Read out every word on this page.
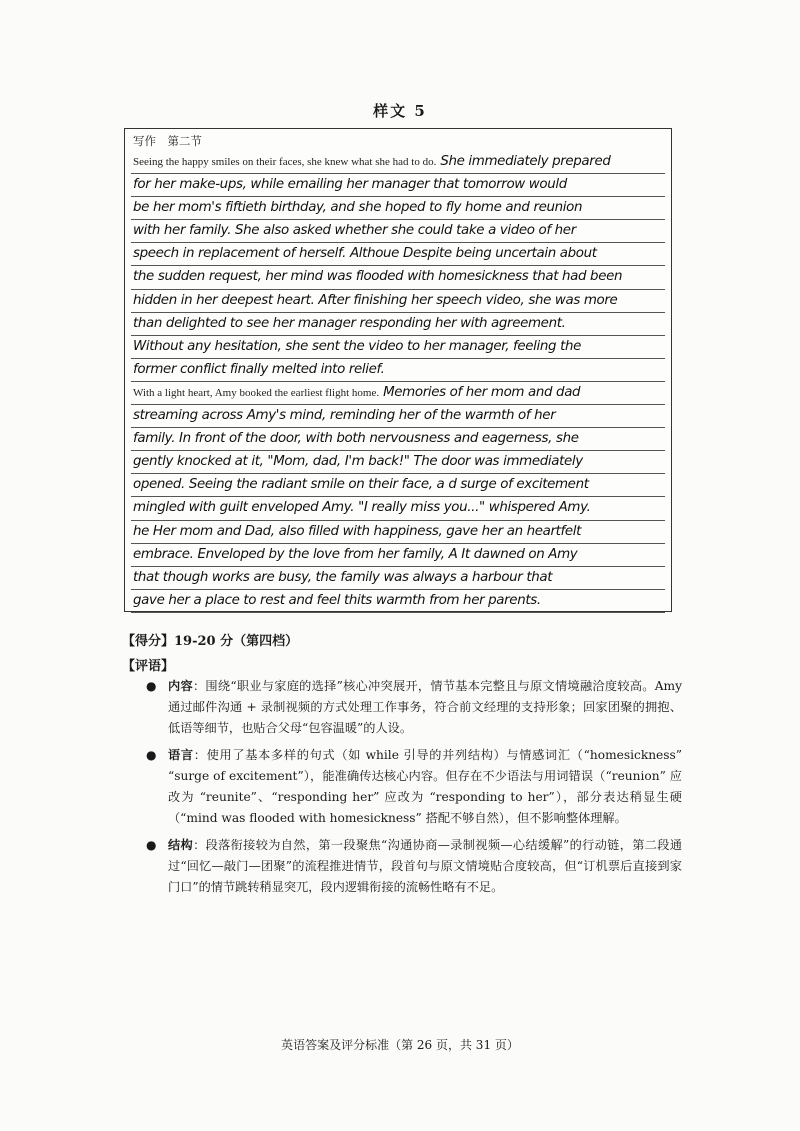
样文 5
写作　第二节
Seeing the happy smiles on their faces, she knew what she had to do. She immediately prepared
for her make-ups, while emailing her manager that tomorrow would
be her mom's fiftieth birthday, and she hoped to fly home and reunion
with her family. She also asked whether she could take a video of her
speech in replacement of herself. Althoue Despite being uncertain about
the sudden request, her mind was flooded with homesickness that had been
hidden in her deepest heart. After finishing her speech video, she was more
than delighted to see her manager responding her with agreement.
Without any hesitation, she sent the video to her manager, feeling the
former conflict finally melted into relief.
With a light heart, Amy booked the earliest flight home. Memories of her mom and dad
streaming across Amy's mind, reminding her of the warmth of her
family. In front of the door, with both nervousness and eagerness, she
gently knocked at it, "Mom, dad, I'm back!" The door was immediately
opened. Seeing the radiant smile on their face, a d surge of excitement
mingled with guilt enveloped Amy. "I really miss you..." whispered Amy.
he Her mom and Dad, also filled with happiness, gave her an heartfelt
embrace. Enveloped by the love from her family, A It dawned on Amy
that though works are busy, the family was always a harbour that
gave her a place to rest and feel thits warmth from her parents.
【得分】19-20 分（第四档）
【评语】
● 内容：围绕“职业与家庭的选择”核心冲突展开，情节基本完整且与原文情境融洽度较高。Amy 通过邮件沟通 + 录制视频的方式处理工作事务，符合前文经理的支持形象；回家团聚的拥抱、低语等细节，也贴合父母“包容温暖”的人设。
● 语言：使用了基本多样的句式（如 while 引导的并列结构）与情感词汇（“homesickness” “surge of excitement”），能准确传达核心内容。但存在不少语法与用词错误（“reunion” 应改为 “reunite”、“responding her” 应改为 “responding to her”），部分表达稍显生硬（“mind was flooded with homesickness” 搭配不够自然），但不影响整体理解。
● 结构：段落衔接较为自然，第一段聚焦“沟通协商—录制视频—心结缓解”的行动链，第二段通过“回忆—敲门—团聚”的流程推进情节，段首句与原文情境贴合度较高，但“订机票后直接到家门口”的情节跳转稍显突兀，段内逻辑衔接的流畅性略有不足。
英语答案及评分标准（第 26 页，共 31 页）
